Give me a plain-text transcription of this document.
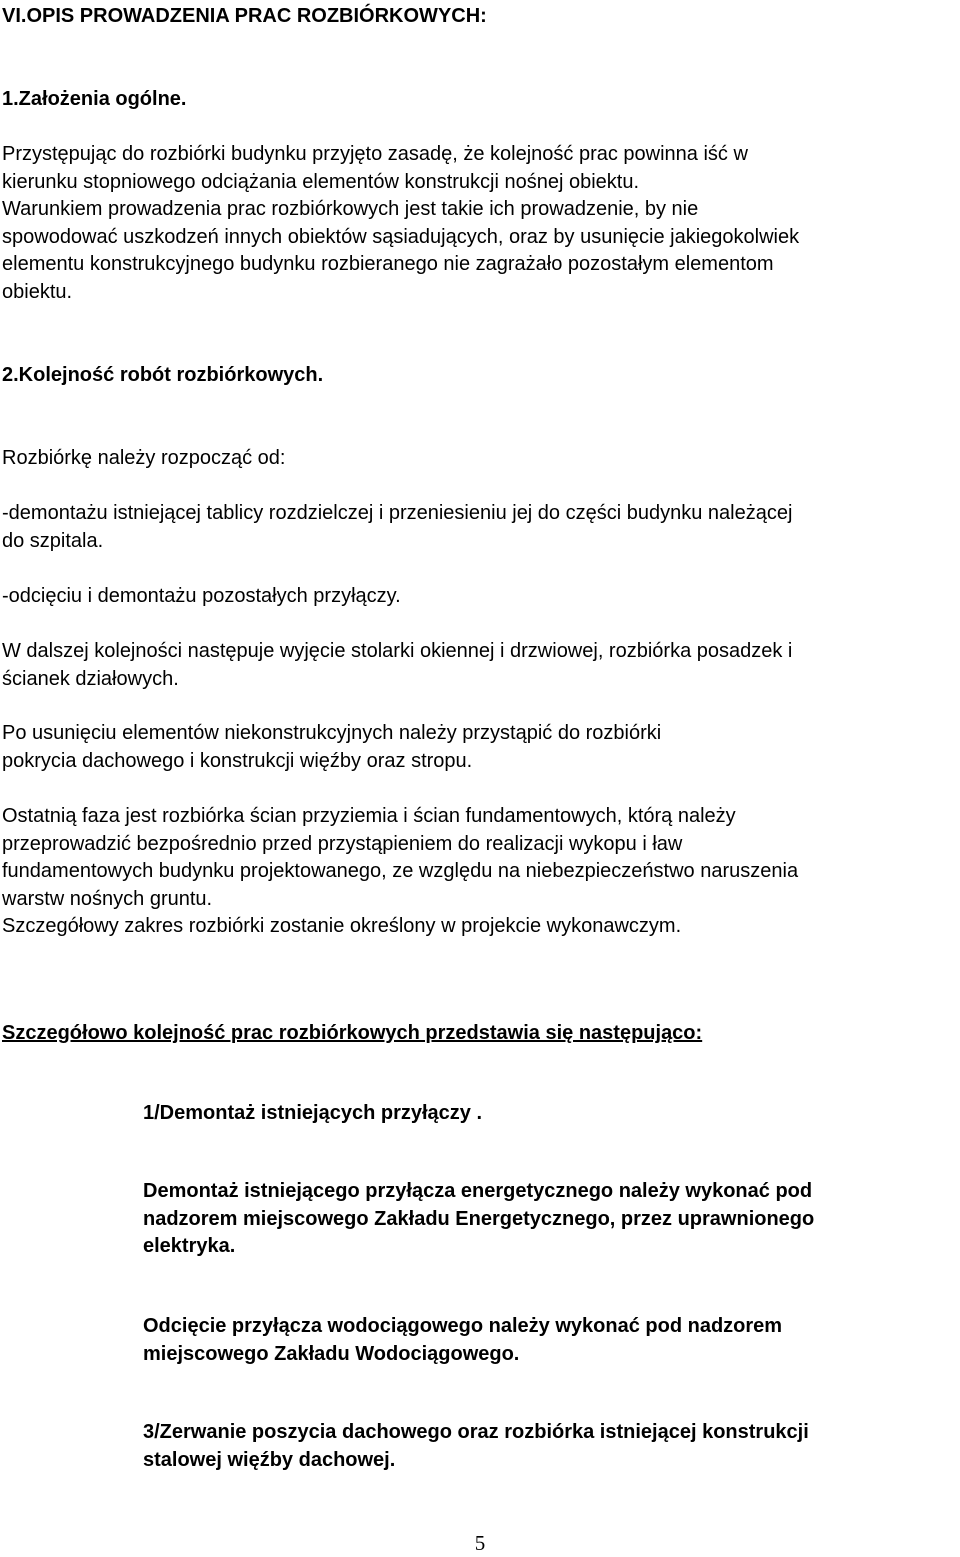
VI.OPIS PROWADZENIA PRAC ROZBIÓRKOWYCH:
1.Założenia ogólne.
Przystępując do rozbiórki budynku przyjęto zasadę, że kolejność prac powinna iść w
kierunku stopniowego odciążania elementów konstrukcji nośnej obiektu.
Warunkiem prowadzenia prac rozbiórkowych jest takie ich prowadzenie, by nie
spowodować uszkodzeń innych obiektów sąsiadujących, oraz by usunięcie jakiegokolwiek
elementu konstrukcyjnego budynku rozbieranego nie zagrażało pozostałym elementom
obiektu.
2.Kolejność robót rozbiórkowych.
Rozbiórkę należy rozpocząć od:
-demontażu istniejącej tablicy rozdzielczej i przeniesieniu jej do części budynku należącej
do szpitala.
-odcięciu i demontażu pozostałych przyłączy.
W dalszej kolejności następuje wyjęcie stolarki okiennej i drzwiowej, rozbiórka posadzek i
ścianek działowych.
Po usunięciu elementów niekonstrukcyjnych należy przystąpić do rozbiórki
pokrycia dachowego i konstrukcji więźby oraz stropu.
Ostatnią faza jest rozbiórka ścian przyziemia i ścian fundamentowych, którą należy
przeprowadzić bezpośrednio przed przystąpieniem do realizacji wykopu i ław
fundamentowych budynku projektowanego, ze względu na niebezpieczeństwo naruszenia
warstw nośnych gruntu.
Szczegółowy zakres rozbiórki zostanie określony w projekcie wykonawczym.
Szczegółowo kolejność prac rozbiórkowych przedstawia się następująco:
1/Demontaż istniejących przyłączy .
Demontaż istniejącego przyłącza energetycznego należy wykonać pod
nadzorem miejscowego Zakładu Energetycznego, przez uprawnionego
elektryka.
Odcięcie przyłącza wodociągowego należy wykonać pod nadzorem
miejscowego Zakładu Wodociągowego.
3/Zerwanie poszycia dachowego oraz rozbiórka istniejącej konstrukcji
stalowej więźby dachowej.
5
